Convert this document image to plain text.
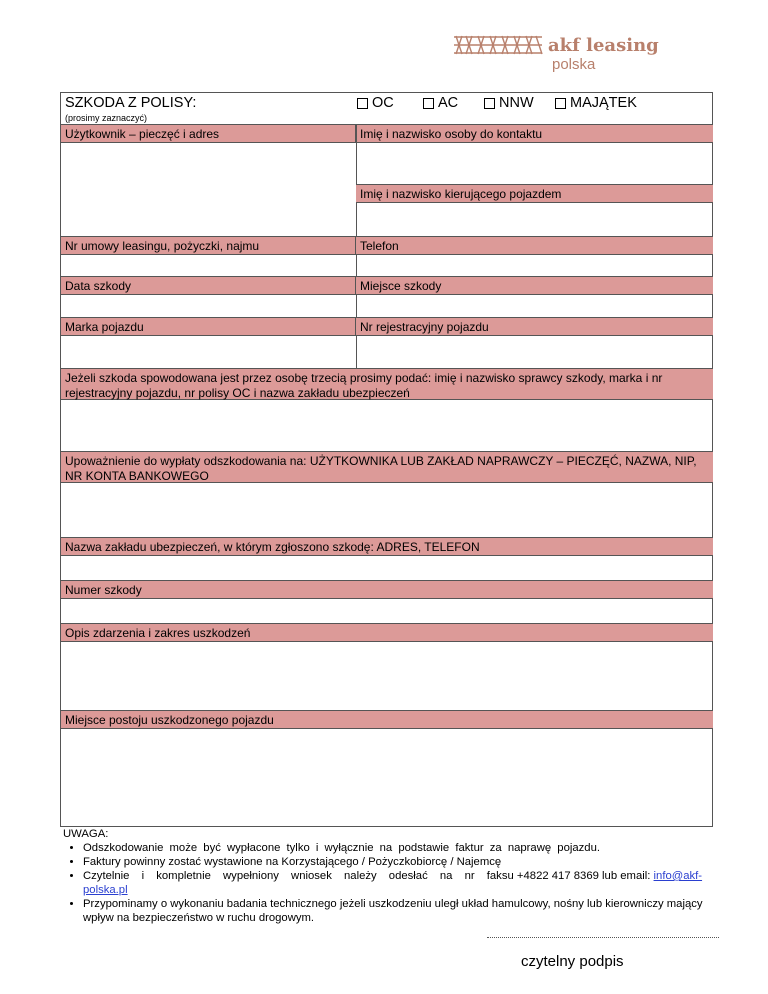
akf leasing
polska
SZKODA Z POLISY:
(prosimy zaznaczyć)
OC	AC	NNW	MAJĄTEK
Użytkownik – pieczęć i adres	Imię i nazwisko osoby do kontaktu
Imię i nazwisko kierującego pojazdem
Nr umowy leasingu, pożyczki, najmu	Telefon
Data szkody	Miejsce szkody
Marka pojazdu	Nr rejestracyjny pojazdu
Jeżeli szkoda spowodowana jest przez osobę trzecią prosimy podać: imię i nazwisko sprawcy szkody, marka i nr rejestracyjny pojazdu, nr polisy OC i nazwa zakładu ubezpieczeń
Upoważnienie do wypłaty odszkodowania na: UŻYTKOWNIKA LUB ZAKŁAD NAPRAWCZY – PIECZĘĆ, NAZWA, NIP, NR KONTA BANKOWEGO
Nazwa zakładu ubezpieczeń, w którym zgłoszono szkodę: ADRES, TELEFON
Numer szkody
Opis zdarzenia i zakres uszkodzeń
Miejsce postoju uszkodzonego pojazdu
UWAGA:
• Odszkodowanie może być wypłacone tylko i wyłącznie na podstawie faktur za naprawę pojazdu.
• Faktury powinny zostać wystawione na Korzystającego / Pożyczkobiorcę / Najemcę
• Czytelnie i kompletnie wypełniony wniosek należy odesłać na nr faksu +4822 417 8369 lub email: info@akf-polska.pl
• Przypominamy o wykonaniu badania technicznego jeżeli uszkodzeniu uległ układ hamulcowy, nośny lub kierowniczy mający wpływ na bezpieczeństwo w ruchu drogowym.
czytelny podpis
